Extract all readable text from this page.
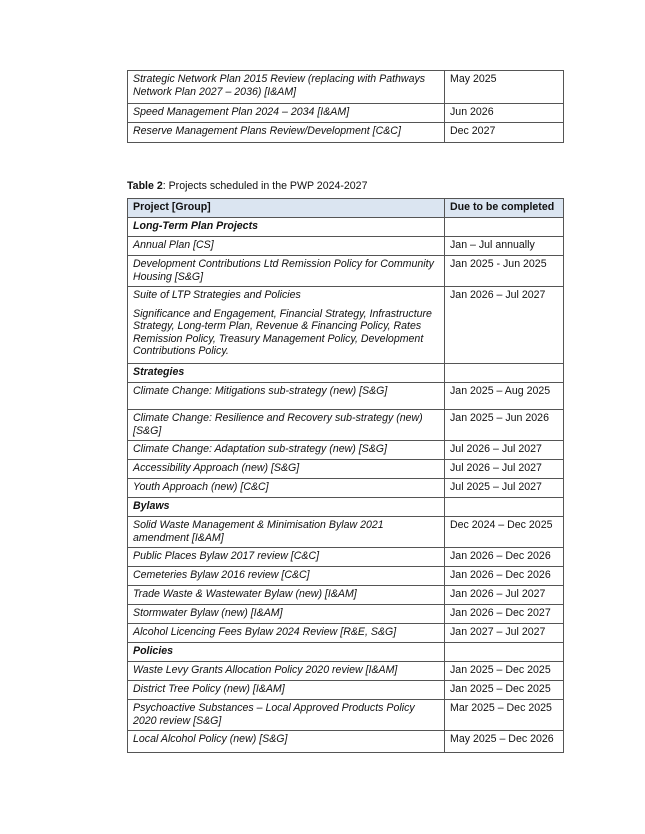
Strategic Network Plan 2015 Review (replacing with Pathways Network Plan 2027 – 2036) [I&AM]	May 2025
Speed Management Plan 2024 – 2034 [I&AM]	Jun 2026
Reserve Management Plans Review/Development [C&C]	Dec 2027
Table 2: Projects scheduled in the PWP 2024-2027
Project [Group]	Due to be completed
Long-Term Plan Projects	
Annual Plan [CS]	Jan – Jul annually
Development Contributions Ltd Remission Policy for Community Housing [S&G]	Jan 2025 - Jun 2025
Suite of LTP Strategies and Policies

Significance and Engagement, Financial Strategy, Infrastructure Strategy, Long-term Plan, Revenue & Financing Policy, Rates Remission Policy, Treasury Management Policy, Development Contributions Policy.	Jan 2026 – Jul 2027
Strategies	
Climate Change: Mitigations sub-strategy (new) [S&G]	Jan 2025 – Aug 2025
Climate Change: Resilience and Recovery sub-strategy (new) [S&G]	Jan 2025 – Jun 2026
Climate Change: Adaptation sub-strategy (new) [S&G]	Jul 2026 – Jul 2027
Accessibility Approach (new) [S&G]	Jul 2026 – Jul 2027
Youth Approach (new) [C&C]	Jul 2025 – Jul 2027
Bylaws	
Solid Waste Management & Minimisation Bylaw 2021 amendment [I&AM]	Dec 2024 – Dec 2025
Public Places Bylaw 2017 review [C&C]	Jan 2026 – Dec 2026
Cemeteries Bylaw 2016 review [C&C]	Jan 2026 – Dec 2026
Trade Waste & Wastewater Bylaw (new) [I&AM]	Jan 2026 – Jul 2027
Stormwater Bylaw (new) [I&AM]	Jan 2026 – Dec 2027
Alcohol Licencing Fees Bylaw 2024 Review [R&E, S&G]	Jan 2027 – Jul 2027
Policies	
Waste Levy Grants Allocation Policy 2020 review [I&AM]	Jan 2025 – Dec 2025
District Tree Policy (new) [I&AM]	Jan 2025 – Dec 2025
Psychoactive Substances – Local Approved Products Policy 2020 review [S&G]	Mar 2025 – Dec 2025
Local Alcohol Policy (new) [S&G]	May 2025 – Dec 2026
